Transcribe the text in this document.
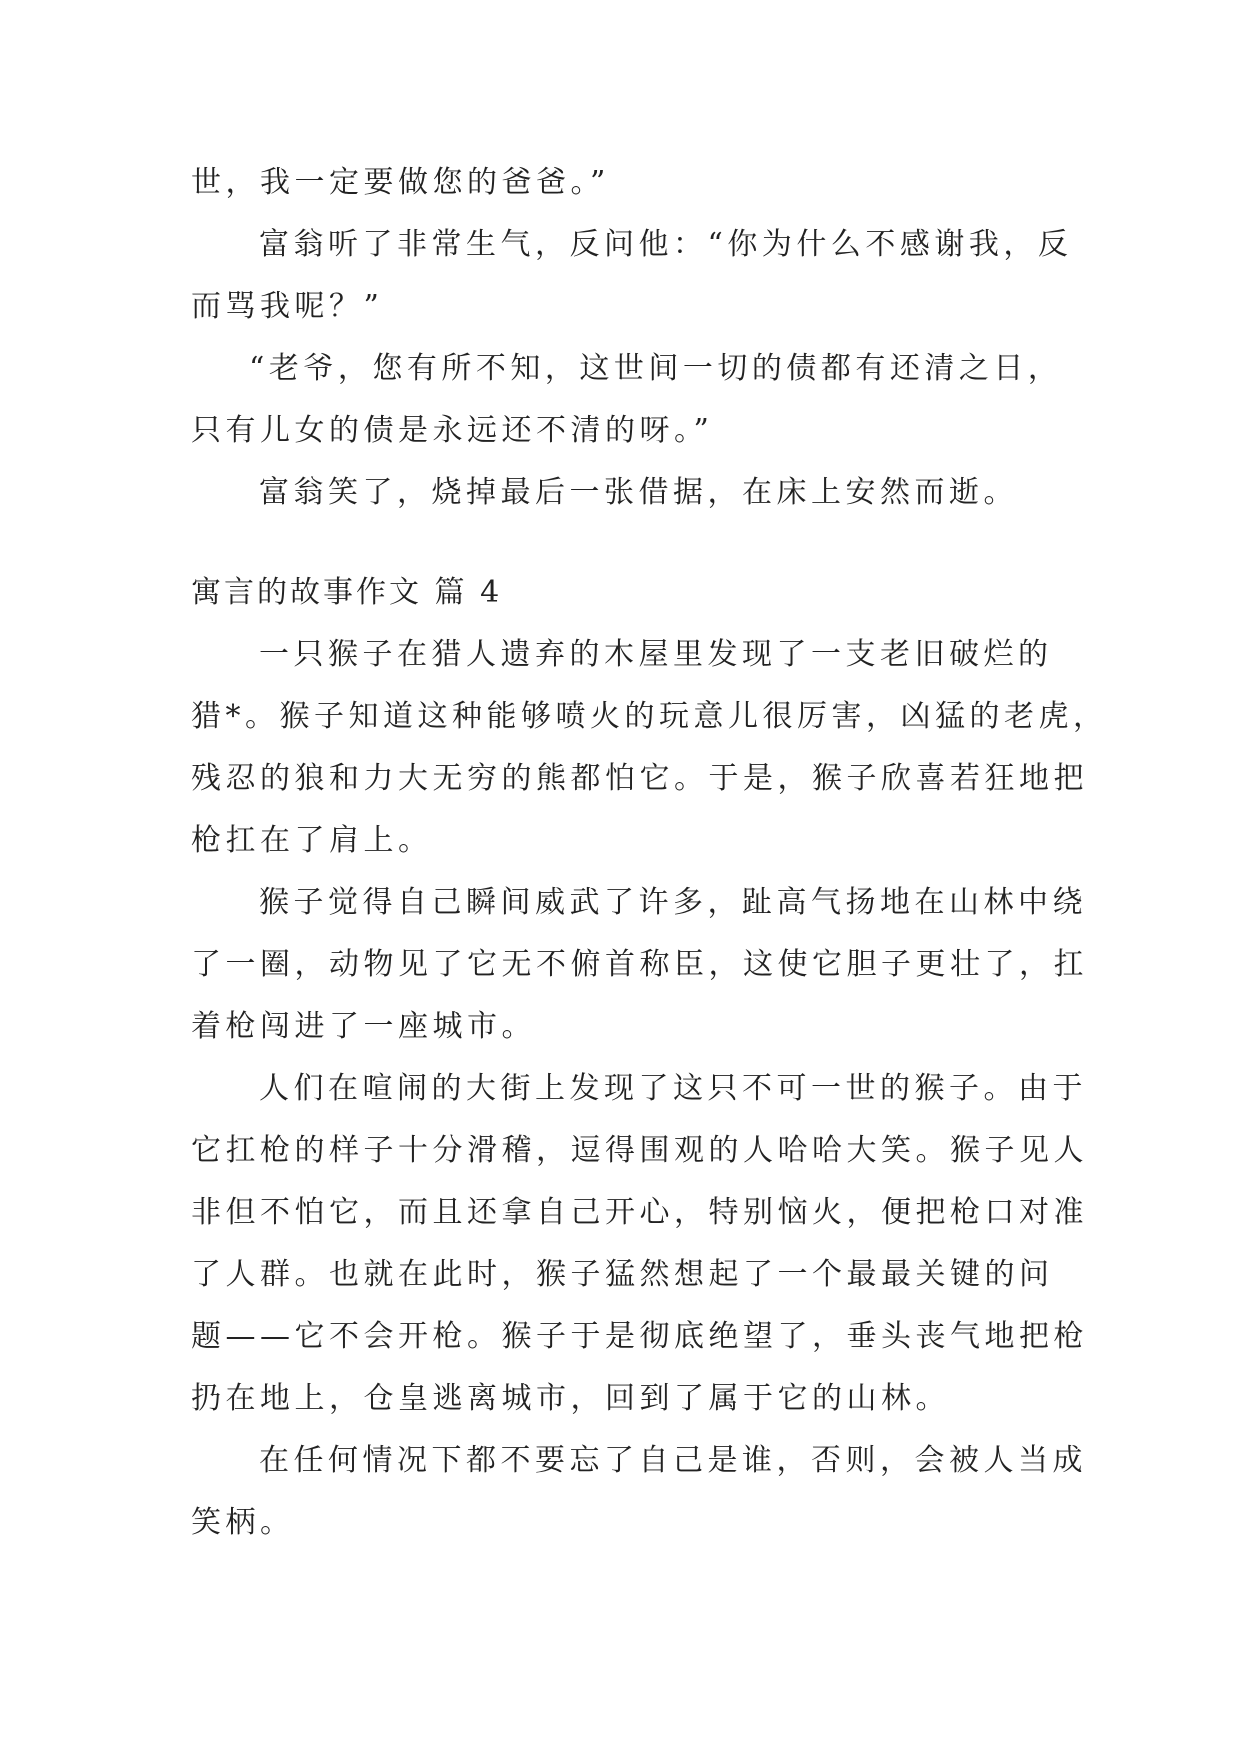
世，我一定要做您的爸爸。”
富翁听了非常生气，反问他：“你为什么不感谢我，反
而骂我呢？”
“老爷，您有所不知，这世间一切的债都有还清之日，
只有儿女的债是永远还不清的呀。”
富翁笑了，烧掉最后一张借据，在床上安然而逝。
寓言的故事作文 篇 4
一只猴子在猎人遗弃的木屋里发现了一支老旧破烂的
猎*。猴子知道这种能够喷火的玩意儿很厉害，凶猛的老虎，
残忍的狼和力大无穷的熊都怕它。于是，猴子欣喜若狂地把
枪扛在了肩上。
猴子觉得自己瞬间威武了许多，趾高气扬地在山林中绕
了一圈，动物见了它无不俯首称臣，这使它胆子更壮了，扛
着枪闯进了一座城市。
人们在喧闹的大街上发现了这只不可一世的猴子。由于
它扛枪的样子十分滑稽，逗得围观的人哈哈大笑。猴子见人
非但不怕它，而且还拿自己开心，特别恼火，便把枪口对准
了人群。也就在此时，猴子猛然想起了一个最最关键的问
题——它不会开枪。猴子于是彻底绝望了，垂头丧气地把枪
扔在地上，仓皇逃离城市，回到了属于它的山林。
在任何情况下都不要忘了自己是谁，否则，会被人当成
笑柄。
